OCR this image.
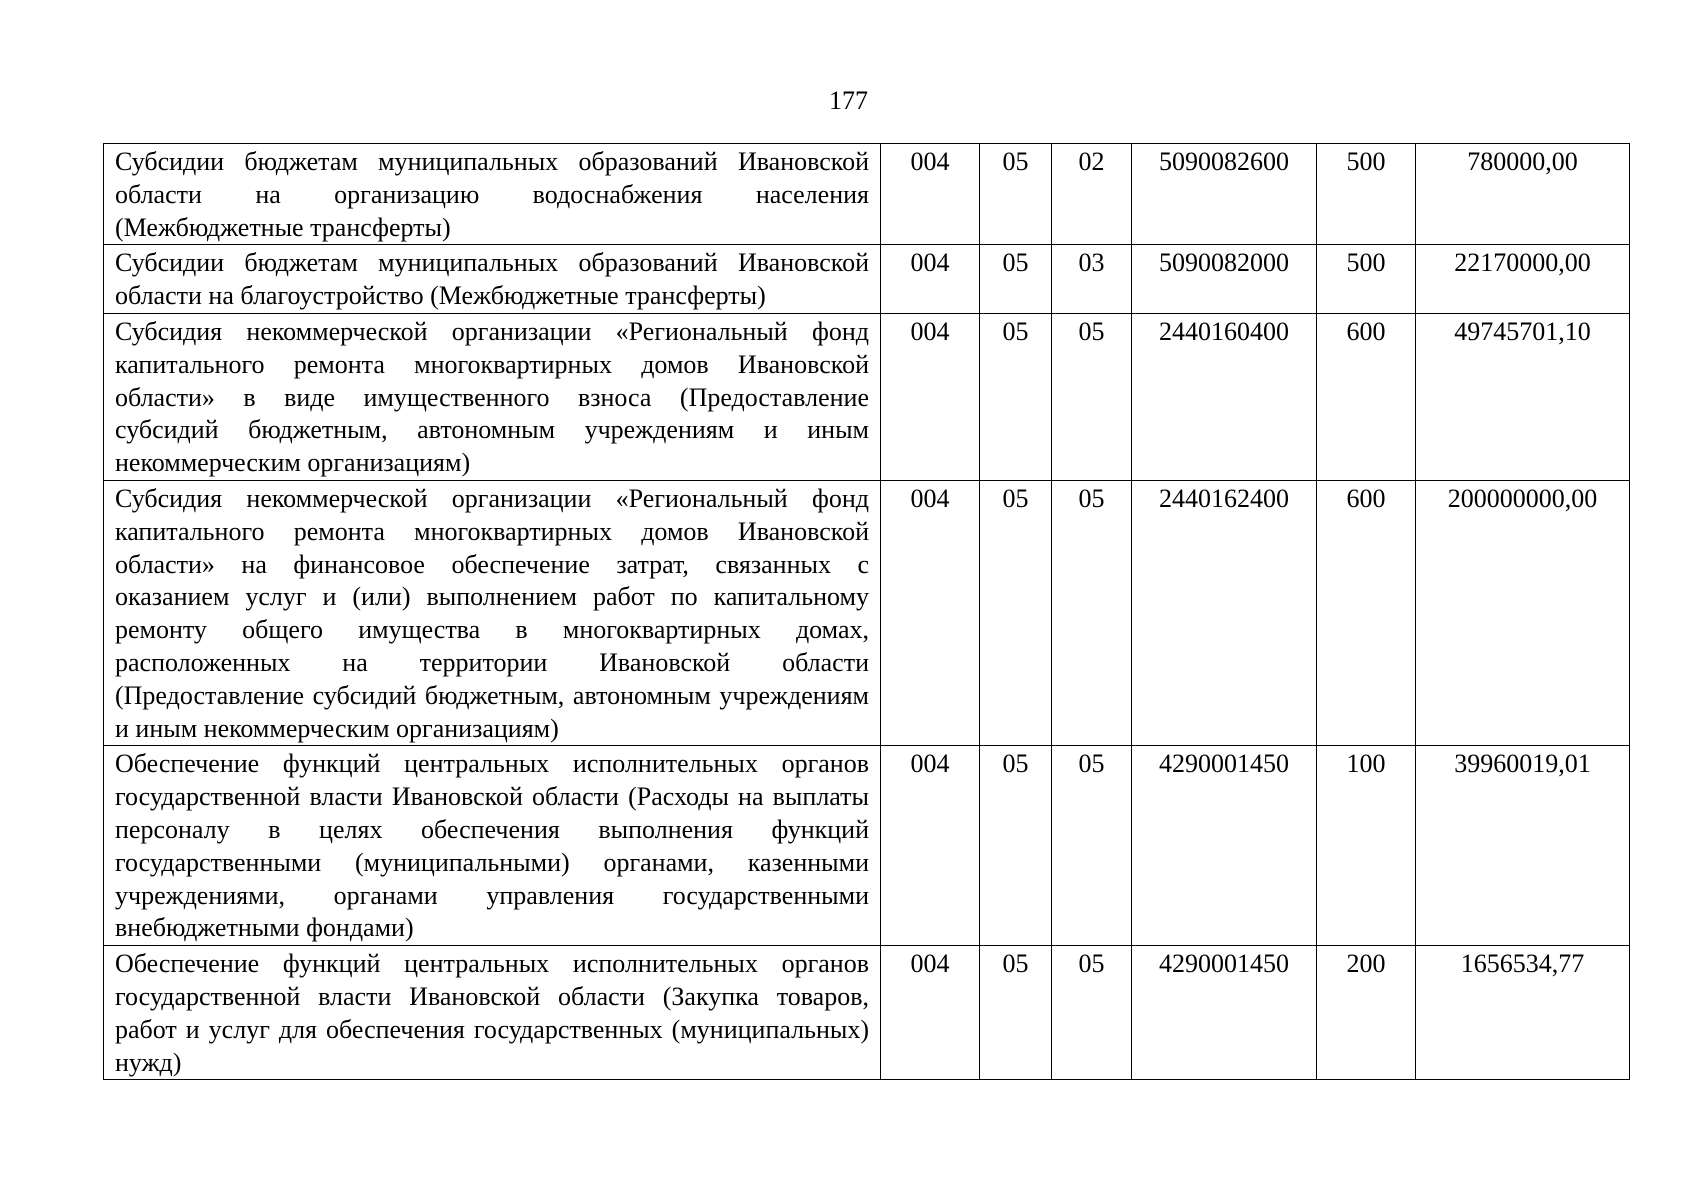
177
Субсидии бюджетам муниципальных образований Ивановской области на организацию водоснабжения населения (Межбюджетные трансферты)	004	05	02	5090082600	500	780000,00
Субсидии бюджетам муниципальных образований Ивановской области на благоустройство (Межбюджетные трансферты)	004	05	03	5090082000	500	22170000,00
Субсидия некоммерческой организации «Региональный фонд капитального ремонта многоквартирных домов Ивановской области» в виде имущественного взноса (Предоставление субсидий бюджетным, автономным учреждениям и иным некоммерческим организациям)	004	05	05	2440160400	600	49745701,10
Субсидия некоммерческой организации «Региональный фонд капитального ремонта многоквартирных домов Ивановской области» на финансовое обеспечение затрат, связанных с оказанием услуг и (или) выполнением работ по капитальному ремонту общего имущества в многоквартирных домах, расположенных на территории Ивановской области (Предоставление субсидий бюджетным, автономным учреждениям и иным некоммерческим организациям)	004	05	05	2440162400	600	200000000,00
Обеспечение функций центральных исполнительных органов государственной власти Ивановской области (Расходы на выплаты персоналу в целях обеспечения выполнения функций государственными (муниципальными) органами, казенными учреждениями, органами управления государственными внебюджетными фондами)	004	05	05	4290001450	100	39960019,01
Обеспечение функций центральных исполнительных органов государственной власти Ивановской области (Закупка товаров, работ и услуг для обеспечения государственных (муниципальных) нужд)	004	05	05	4290001450	200	1656534,77
